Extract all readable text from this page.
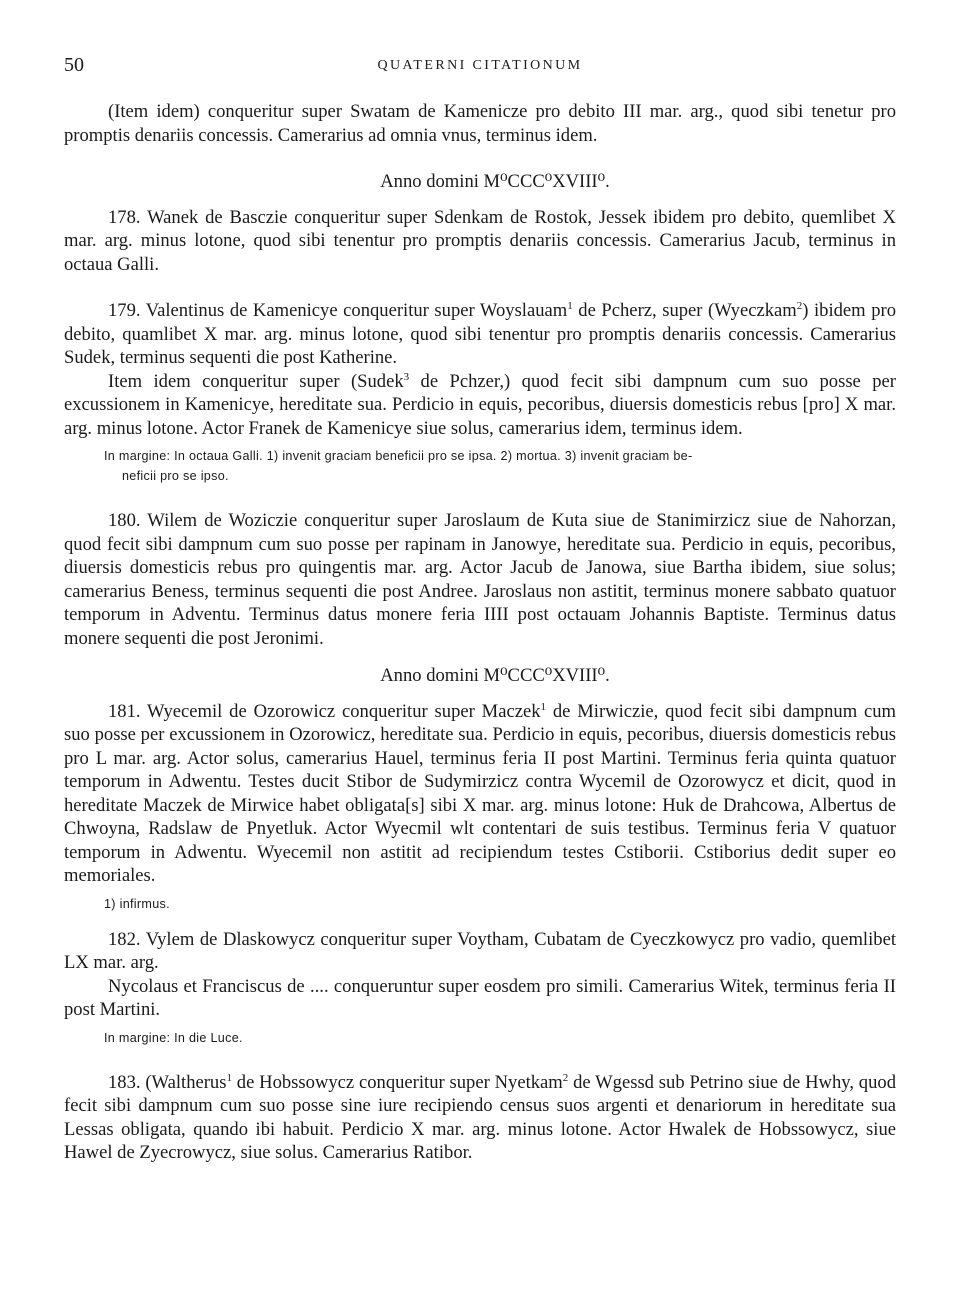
50	QUATERNI CITATIONUM

(Item idem) conqueritur super Swatam de Kamenicze pro debito III mar. arg., quod sibi tenetur pro promptis denariis concessis. Camerarius ad omnia vnus, terminus idem.

Anno domini M⁰CCC⁰XVIII⁰.

178. Wanek de Basczie conqueritur super Sdenkam de Rostok, Jessek ibidem pro debito, quemlibet X mar. arg. minus lotone, quod sibi tenentur pro promptis denariis concessis. Camerarius Jacub, terminus in octaua Galli.

179. Valentinus de Kamenicye conqueritur super Woyslauam$^1$ de Pcherz, super (Wyeczkam$^2$) ibidem pro debito, quamlibet X mar. arg. minus lotone, quod sibi tenentur pro promptis denariis concessis. Camerarius Sudek, terminus sequenti die post Katherine.

Item idem conqueritur super (Sudek$^3$ de Pchzer,) quod fecit sibi dampnum cum suo posse per excussionem in Kamenicye, hereditate sua. Perdicio in equis, pecoribus, diuersis domesticis rebus [pro] X mar. arg. minus lotone. Actor Franek de Kamenicye siue solus, camerarius idem, terminus idem.

In margine: In octaua Galli. 1) invenit graciam beneficii pro se ipsa. 2) mortua. 3) invenit graciam be-
neficii pro se ipso.

180. Wilem de Woziczie conqueritur super Jaroslaum de Kuta siue de Stanimirzicz siue de Nahorzan, quod fecit sibi dampnum cum suo posse per rapinam in Janowye, hereditate sua. Perdicio in equis, pecoribus, diuersis domesticis rebus pro quingentis mar. arg. Actor Jacub de Janowa, siue Bartha ibidem, siue solus; camerarius Beness, terminus sequenti die post Andree. Jaroslaus non astitit, terminus monere sabbato quatuor temporum in Adventu. Terminus datus monere feria IIII post octauam Johannis Baptiste. Terminus datus monere sequenti die post Jeronimi.

Anno domini M⁰CCC⁰XVIII⁰.

181. Wyecemil de Ozorowicz conqueritur super Maczek$^1$ de Mirwiczie, quod fecit sibi dampnum cum suo posse per excussionem in Ozorowicz, hereditate sua. Perdicio in equis, pecoribus, diuersis domesticis rebus pro L mar. arg. Actor solus, camerarius Hauel, terminus feria II post Martini. Terminus feria quinta quatuor temporum in Adwentu. Testes ducit Stibor de Sudymirzicz contra Wycemil de Ozorowycz et dicit, quod in hereditate Maczek de Mirwice habet obligata[s] sibi X mar. arg. minus lotone: Huk de Drahcowa, Albertus de Chwoyna, Radslaw de Pnyetluk. Actor Wyecmil wlt contentari de suis testibus. Terminus feria V quatuor temporum in Adwentu. Wyecemil non astitit ad recipiendum testes Cstiborii. Cstiborius dedit super eo memoriales.

1) infirmus.

182. Vylem de Dlaskowycz conqueritur super Voytham, Cubatam de Cyeczkowycz pro vadio, quemlibet LX mar. arg.

Nycolaus et Franciscus de .... conqueruntur super eosdem pro simili. Camerarius Witek, terminus feria II post Martini.

In margine: In die Luce.

183. (Waltherus$^1$ de Hobssowycz conqueritur super Nyetkam$^2$ de Wgessd sub Petrino siue de Hwhy, quod fecit sibi dampnum cum suo posse sine iure recipiendo census suos argenti et denariorum in hereditate sua Lessas obligata, quando ibi habuit. Perdicio X mar. arg. minus lotone. Actor Hwalek de Hobssowycz, siue Hawel de Zyecrowycz, siue solus. Camerarius Ratibor.
